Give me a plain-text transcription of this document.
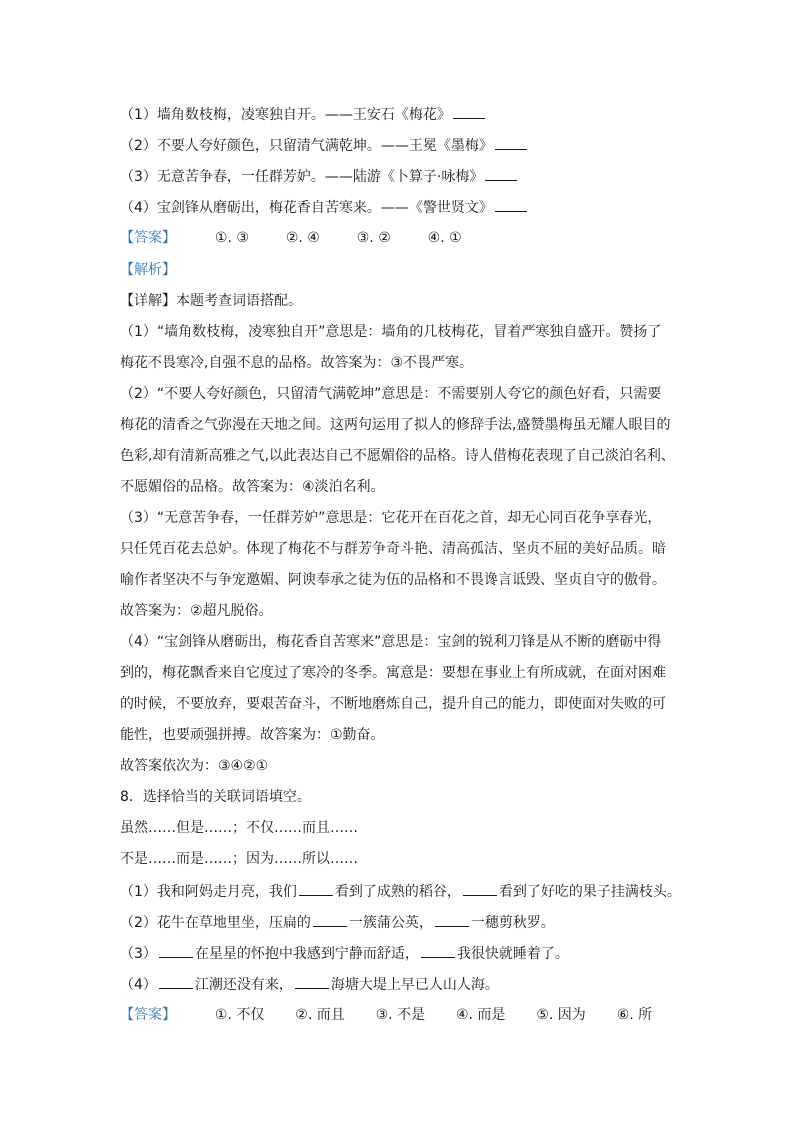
（1）墙角数枝梅，凌寒独自开。——王安石《梅花》
（2）不要人夸好颜色，只留清气满乾坤。——王冕《墨梅》
（3）无意苦争春，一任群芳妒。——陆游《卜算子·咏梅》
（4）宝剑锋从磨砺出，梅花香自苦寒来。——《警世贤文》
【答案】	①. ③	②. ④	③. ②	④. ①
【解析】
【详解】本题考查词语搭配。
（1）“墙角数枝梅，凌寒独自开”意思是：墙角的几枝梅花，冒着严寒独自盛开。赞扬了
梅花不畏寒冷,自强不息的品格。故答案为：③不畏严寒。
（2）“不要人夸好颜色，只留清气满乾坤”意思是：不需要别人夸它的颜色好看，只需要
梅花的清香之气弥漫在天地之间。这两句运用了拟人的修辞手法,盛赞墨梅虽无耀人眼目的
色彩,却有清新高雅之气,以此表达自己不愿媚俗的品格。诗人借梅花表现了自己淡泊名利、
不愿媚俗的品格。故答案为：④淡泊名利。
（3）“无意苦争春，一任群芳妒”意思是：它花开在百花之首，却无心同百花争享春光，
只任凭百花去总妒。体现了梅花不与群芳争奇斗艳、清高孤洁、坚贞不屈的美好品质。暗
喻作者坚决不与争宠邀媚、阿谀奉承之徒为伍的品格和不畏谗言诋毁、坚贞自守的傲骨。
故答案为：②超凡脱俗。
（4）“宝剑锋从磨砺出，梅花香自苦寒来”意思是：宝剑的锐利刀锋是从不断的磨砺中得
到的，梅花飘香来自它度过了寒冷的冬季。寓意是：要想在事业上有所成就，在面对困难
的时候，不要放弃，要艰苦奋斗，不断地磨炼自己，提升自己的能力，即使面对失败的可
能性，也要顽强拼搏。故答案为：①勤奋。
故答案依次为：③④②①
8．选择恰当的关联词语填空。
虽然……但是……；不仅……而且……
不是……而是……；因为……所以……
（1）我和阿妈走月亮，我们	看到了成熟的稻谷，	看到了好吃的果子挂满枝头。
（2）花牛在草地里坐，压扁的	一簇蒲公英，	一穗剪秋罗。
（3）	在星星的怀抱中我感到宁静而舒适，	我很快就睡着了。
（4）	江潮还没有来，	海塘大堤上早已人山人海。
【答案】	①. 不仅 ②. 而且 ③. 不是 ④. 而是 ⑤. 因为 ⑥. 所
